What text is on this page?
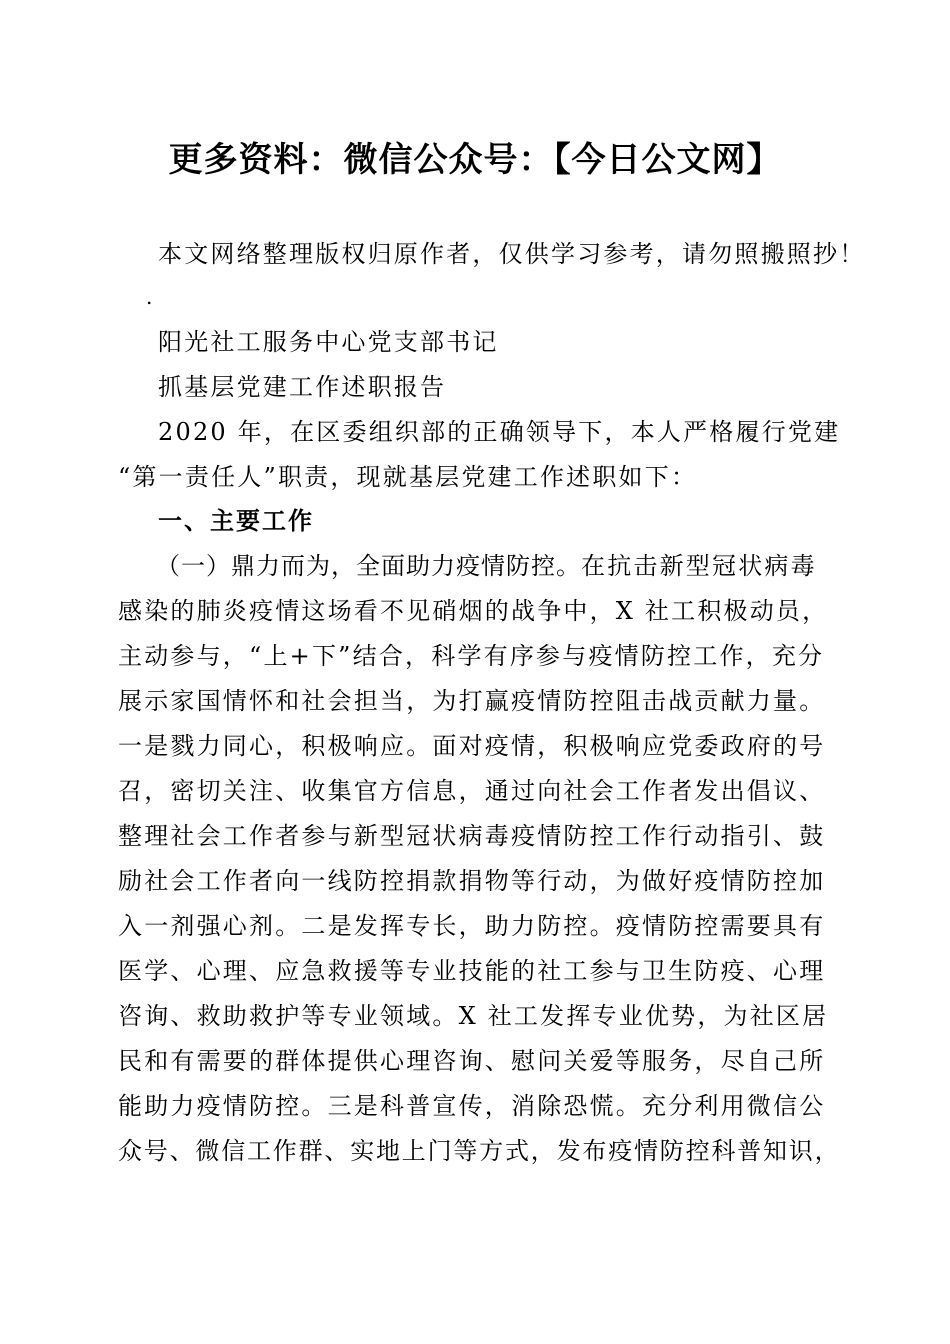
更多资料：微信公众号：【今日公文网】
本文网络整理版权归原作者，仅供学习参考，请勿照搬照抄！
.
阳光社工服务中心党支部书记
抓基层党建工作述职报告
2020 年，在区委组织部的正确领导下，本人严格履行党建
“第一责任人”职责，现就基层党建工作述职如下：
一、主要工作
（一）鼎力而为，全面助力疫情防控。在抗击新型冠状病毒
感染的肺炎疫情这场看不见硝烟的战争中，X 社工积极动员，
主动参与，“上+下”结合，科学有序参与疫情防控工作，充分
展示家国情怀和社会担当，为打赢疫情防控阻击战贡献力量。
一是戮力同心，积极响应。面对疫情，积极响应党委政府的号
召，密切关注、收集官方信息，通过向社会工作者发出倡议、
整理社会工作者参与新型冠状病毒疫情防控工作行动指引、鼓
励社会工作者向一线防控捐款捐物等行动，为做好疫情防控加
入一剂强心剂。二是发挥专长，助力防控。疫情防控需要具有
医学、心理、应急救援等专业技能的社工参与卫生防疫、心理
咨询、救助救护等专业领域。X 社工发挥专业优势，为社区居
民和有需要的群体提供心理咨询、慰问关爱等服务，尽自己所
能助力疫情防控。三是科普宣传，消除恐慌。充分利用微信公
众号、微信工作群、实地上门等方式，发布疫情防控科普知识，
